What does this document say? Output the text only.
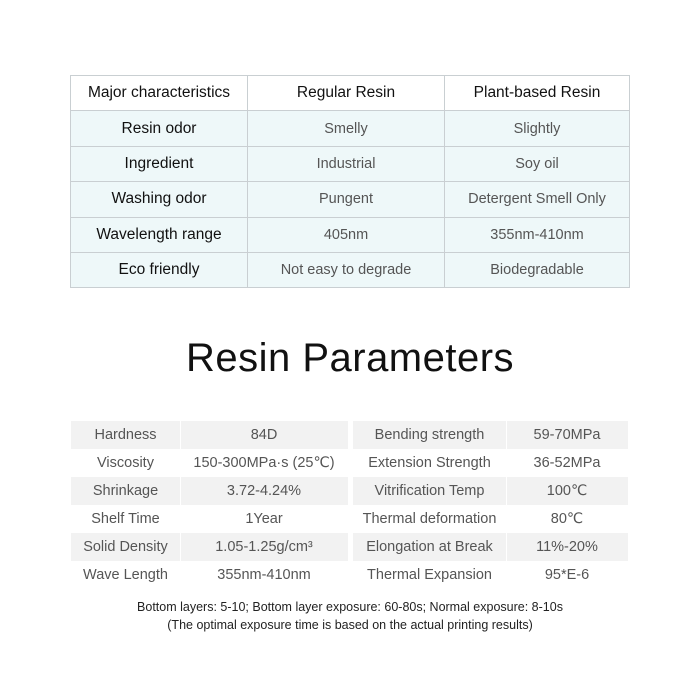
Major characteristics	Regular Resin	Plant-based Resin
Resin odor	Smelly	Slightly
Ingredient	Industrial	Soy oil
Washing odor	Pungent	Detergent Smell Only
Wavelength range	405nm	355nm-410nm
Eco friendly	Not easy to degrade	Biodegradable
Resin Parameters
Hardness	84D	Bending strength	59-70MPa
Viscosity	150-300MPa·s (25℃)	Extension Strength	36-52MPa
Shrinkage	3.72-4.24%	Vitrification Temp	100℃
Shelf Time	1Year	Thermal deformation	80℃
Solid Density	1.05-1.25g/cm³	Elongation at Break	11%-20%
Wave Length	355nm-410nm	Thermal Expansion	95*E-6
Bottom layers: 5-10; Bottom layer exposure: 60-80s; Normal exposure: 8-10s
(The optimal exposure time is based on the actual printing results)
